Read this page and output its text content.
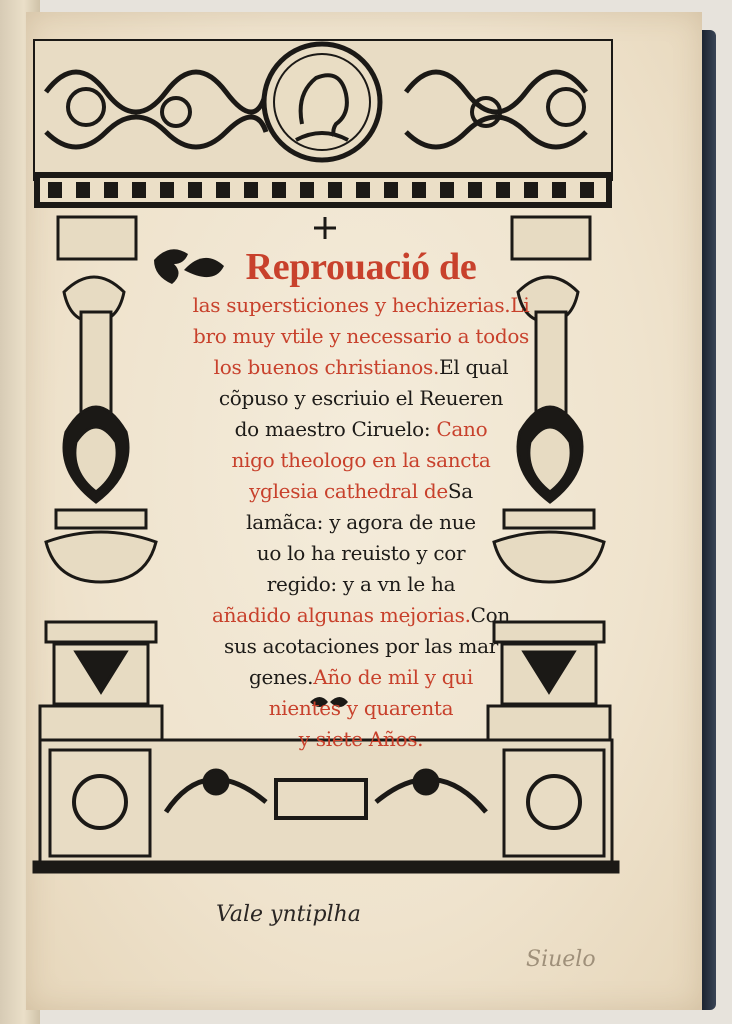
Reprouació de
las supersticiones y hechizerias.Li
bro muy vtile y necessario a todos
los buenos christianos.El qual
cõpuso y escriuio el Reueren
do maestro Ciruelo: Cano
nigo theologo en la sancta
yglesia cathedral deSa
lamãca: y agora de nue
uo lo ha reuisto y cor
regido: y a vn le ha
añadido algunas mejorias.Con
sus acotaciones por las mar
genes.Año de mil y qui
nientes y quarenta
y siete Años.
Vale yntiplha
Siuelo
